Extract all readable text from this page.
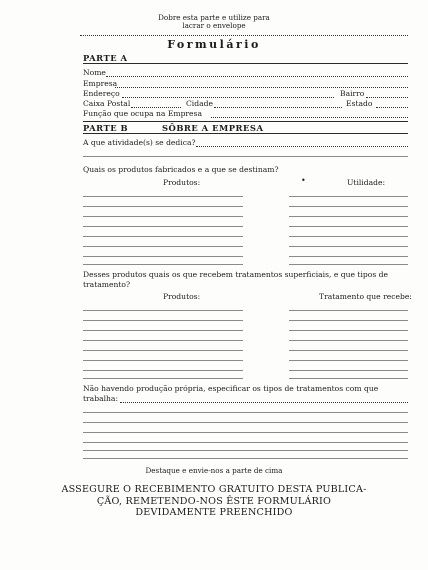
Dobre esta parte e utilize para
lacrar o envelope
Formulário
PARTE A
Nome
Empresa
Endereço	Bairro
Caixa Postal	Cidade	Estado
Função que ocupa na Empresa
PARTE B	SÔBRE A EMPRESA
A que atividade(s) se dedica?
Quais os produtos fabricados e a que se destinam?
Produtos:	•	Utilidade:
Desses produtos quais os que recebem tratamentos superficiais, e que tipos de
tratamento?
Produtos:	Tratamento que recebe:
Não havendo produção própria, especificar os tipos de tratamentos com que
trabalha:
Destaque e envie-nos a parte de cima
ASSEGURE O RECEBIMENTO GRATUITO DESTA PUBLICA-
ÇÃO, REMETENDO-NOS ÊSTE FORMULÁRIO
DEVIDAMENTE PREENCHIDO
